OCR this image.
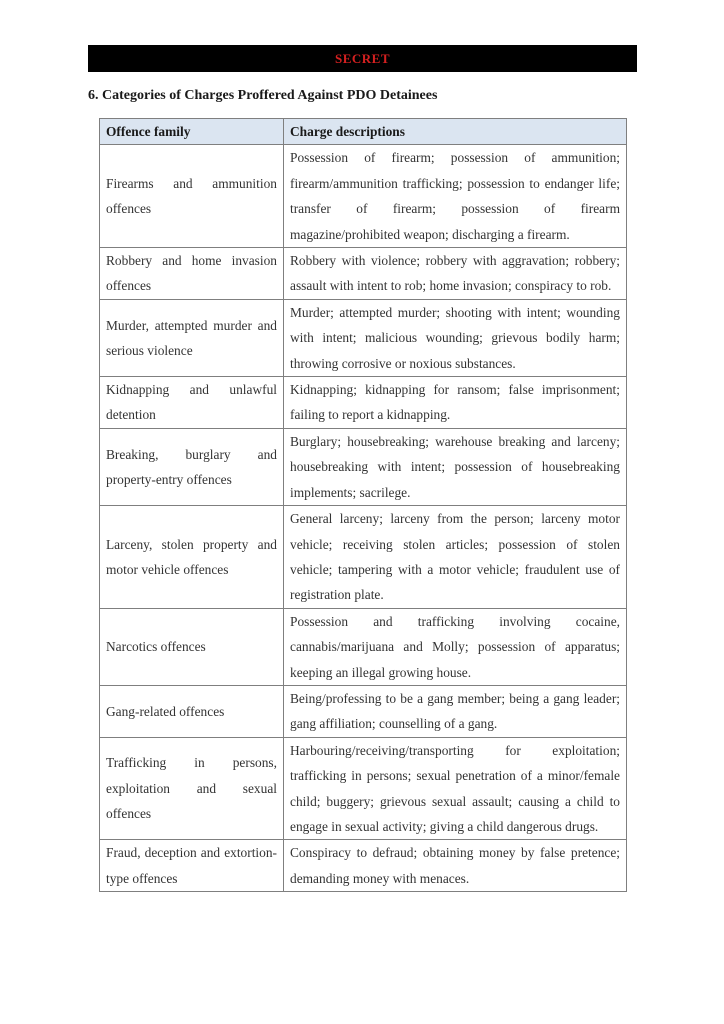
SECRET
6. Categories of Charges Proffered Against PDO Detainees
Offence family	Charge descriptions
Firearms and ammunition offences	Possession of firearm; possession of ammunition; firearm/ammunition trafficking; possession to endanger life; transfer of firearm; possession of firearm magazine/prohibited weapon; discharging a firearm.
Robbery and home invasion offences	Robbery with violence; robbery with aggravation; robbery; assault with intent to rob; home invasion; conspiracy to rob.
Murder, attempted murder and serious violence	Murder; attempted murder; shooting with intent; wounding with intent; malicious wounding; grievous bodily harm; throwing corrosive or noxious substances.
Kidnapping and unlawful detention	Kidnapping; kidnapping for ransom; false imprisonment; failing to report a kidnapping.
Breaking, burglary and property-entry offences	Burglary; housebreaking; warehouse breaking and larceny; housebreaking with intent; possession of housebreaking implements; sacrilege.
Larceny, stolen property and motor vehicle offences	General larceny; larceny from the person; larceny motor vehicle; receiving stolen articles; possession of stolen vehicle; tampering with a motor vehicle; fraudulent use of registration plate.
Narcotics offences	Possession and trafficking involving cocaine, cannabis/marijuana and Molly; possession of apparatus; keeping an illegal growing house.
Gang-related offences	Being/professing to be a gang member; being a gang leader; gang affiliation; counselling of a gang.
Trafficking in persons, exploitation and sexual offences	Harbouring/receiving/transporting for exploitation; trafficking in persons; sexual penetration of a minor/female child; buggery; grievous sexual assault; causing a child to engage in sexual activity; giving a child dangerous drugs.
Fraud, deception and extortion-type offences	Conspiracy to defraud; obtaining money by false pretence; demanding money with menaces.
